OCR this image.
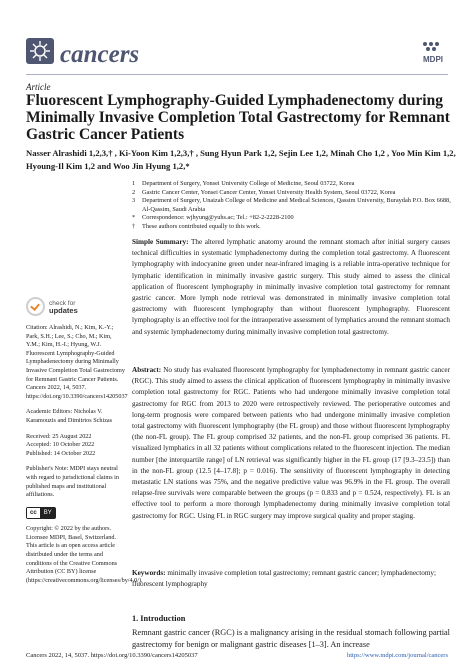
cancers	MDPI
Article
Fluorescent Lymphography-Guided Lymphadenectomy during Minimally Invasive Completion Total Gastrectomy for Remnant Gastric Cancer Patients
Nasser Alrashidi 1,2,3,† , Ki-Yoon Kim 1,2,3,† , Sung Hyun Park 1,2, Sejin Lee 1,2, Minah Cho 1,2 , Yoo Min Kim 1,2,
Hyoung-Il Kim 1,2 and Woo Jin Hyung 1,2,*
1	Department of Surgery, Yonsei University College of Medicine, Seoul 03722, Korea
2	Gastric Cancer Center, Yonsei Cancer Center, Yonsei University Health System, Seoul 03722, Korea
3	Department of Surgery, Unaizah College of Medicine and Medical Sciences, Qassim University, Buraydah P.O. Box 6688, Al-Qassim, Saudi Arabia
*	Correspondence: wjhyung@yuhs.ac; Tel.: +82-2-2228-2100
†	These authors contributed equally to this work.
Simple Summary: The altered lymphatic anatomy around the remnant stomach after initial surgery causes technical difficulties in systematic lymphadenectomy during the completion total gastrectomy. A fluorescent lymphography with indocyanine green under near-infrared imaging is a reliable intra-operative technique for lymphatic identification in minimally invasive gastric surgery. This study aimed to assess the clinical application of fluorescent lymphography in minimally invasive completion total gastrectomy for remnant gastric cancer. More lymph node retrieval was demonstrated in minimally invasive completion total gastrectomy with fluorescent lymphography than without fluorescent lymphography. Fluorescent lymphography is an effective tool for the intraoperative assessment of lymphatics around the remnant stomach and systemic lymphadenectomy during minimally invasive completion total gastrectomy.
Abstract: No study has evaluated fluorescent lymphography for lymphadenectomy in remnant gastric cancer (RGC). This study aimed to assess the clinical application of fluorescent lymphography in minimally invasive completion total gastrectomy for RGC. Patients who had undergone minimally invasive completion total gastrectomy for RGC from 2013 to 2020 were retrospectively reviewed. The perioperative outcomes and long-term prognosis were compared between patients who had undergone minimally invasive completion total gastrectomy with fluorescent lymphography (the FL group) and those without fluorescent lymphography (the non-FL group). The FL group comprised 32 patients, and the non-FL group comprised 36 patients. FL visualized lymphatics in all 32 patients without complications related to the fluorescent injection. The median number [the interquartile range] of LN retrieval was significantly higher in the FL group (17 [9.3–23.5]) than in the non-FL group (12.5 [4–17.8]; p = 0.016). The sensitivity of fluorescent lymphography in detecting metastatic LN stations was 75%, and the negative predictive value was 96.9% in the FL group. The overall relapse-free survivals were comparable between the groups (p = 0.833 and p = 0.524, respectively). FL is an effective tool to perform a more thorough lymphadenectomy during minimally invasive completion total gastrectomy for RGC. Using FL in RGC surgery may improve surgical quality and proper staging.
Keywords: minimally invasive completion total gastrectomy; remnant gastric cancer; lymphadenectomy; fluorescent lymphography
check for
updates
Citation: Alrashidi, N.; Kim, K.-Y.; Park, S.H.; Lee, S.; Cho, M.; Kim, Y.M.; Kim, H.-I.; Hyung, W.J. Fluorescent Lymphography-Guided Lymphadenectomy during Minimally Invasive Completion Total Gastrectomy for Remnant Gastric Cancer Patients. Cancers 2022, 14, 5037. https://doi.org/10.3390/cancers14205037
Academic Editors: Nicholas V. Karamouzis and Dimitrios Schizas
Received: 25 August 2022
Accepted: 10 October 2022
Published: 14 October 2022
Publisher's Note: MDPI stays neutral with regard to jurisdictional claims in published maps and institutional affiliations.
cc	BY
Copyright: © 2022 by the authors. Licensee MDPI, Basel, Switzerland. This article is an open access article distributed under the terms and conditions of the Creative Commons Attribution (CC BY) license (https://creativecommons.org/licenses/by/4.0/).
1. Introduction
Remnant gastric cancer (RGC) is a malignancy arising in the residual stomach following partial gastrectomy for benign or malignant gastric diseases [1–3]. An increase
Cancers 2022, 14, 5037. https://doi.org/10.3390/cancers14205037	https://www.mdpi.com/journal/cancers
